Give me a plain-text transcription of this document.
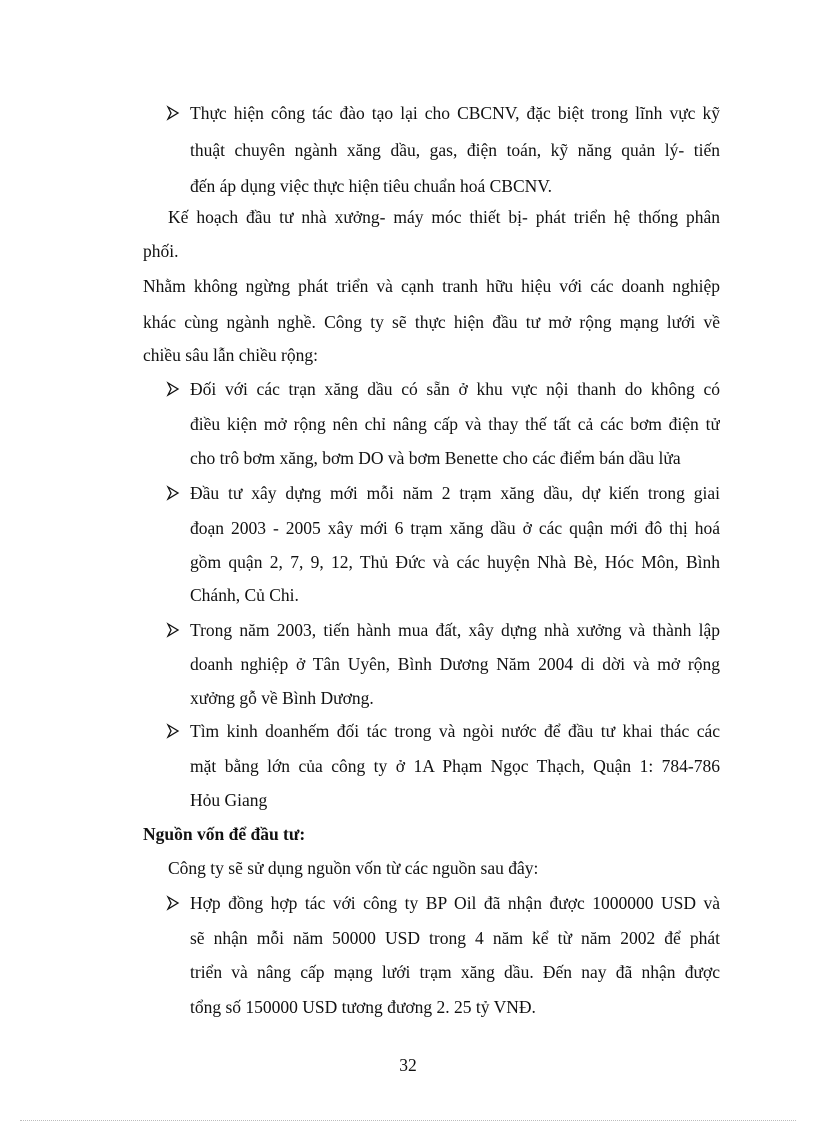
Thực hiện công tác đào tạo lại cho CBCNV, đặc biệt trong lĩnh vực kỹ
thuật chuyên ngành xăng dầu, gas, điện toán, kỹ năng quản lý- tiến
đến áp dụng việc thực hiện tiêu chuẩn hoá CBCNV.
Kế hoạch đầu tư nhà xưởng- máy móc thiết bị- phát triển hệ thống phân
phối.
Nhằm không ngừng phát triển và cạnh tranh hữu hiệu với các doanh nghiệp
khác cùng ngành nghề. Công ty sẽ thực hiện đầu tư mở rộng mạng lưới về
chiều sâu lẫn chiều rộng:
Đối với các trạn xăng dầu có sẵn ở khu vực nội thanh do không có
điều kiện mở rộng nên chỉ nâng cấp và thay thế tất cả các bơm điện tử
cho trô bơm xăng, bơm DO và bơm Benette cho các điểm bán dầu lửa
Đầu tư xây dựng mới mỗi năm 2 trạm xăng dầu, dự kiến trong giai
đoạn 2003 - 2005 xây mới 6 trạm xăng dầu ở các quận mới đô thị hoá
gồm quận 2, 7, 9, 12, Thủ Đức và các huyện Nhà Bè, Hóc Môn, Bình
Chánh, Củ Chi.
Trong năm 2003, tiến hành mua đất, xây dựng nhà xưởng và thành lập
doanh nghiệp ở Tân Uyên, Bình Dương Năm 2004 di dời và mở rộng
xưởng gỗ về Bình Dương.
Tìm kinh doanhếm đối tác trong và ngòi nước để đầu tư khai thác các
mặt bằng lớn của công ty ở 1A Phạm Ngọc Thạch, Quận 1: 784-786
Hỏu Giang
Nguồn vốn để đầu tư:
Công ty sẽ sử dụng nguồn vốn từ các nguồn sau đây:
Hợp đồng hợp tác với công ty BP Oil đã nhận được 1000000 USD và
sẽ nhận mỗi năm 50000 USD trong 4 năm kể từ năm 2002 để phát
triển và nâng cấp mạng lưới trạm xăng dầu. Đến nay đã nhận được
tổng số 150000 USD tương đương 2. 25 tỷ VNĐ.
32
